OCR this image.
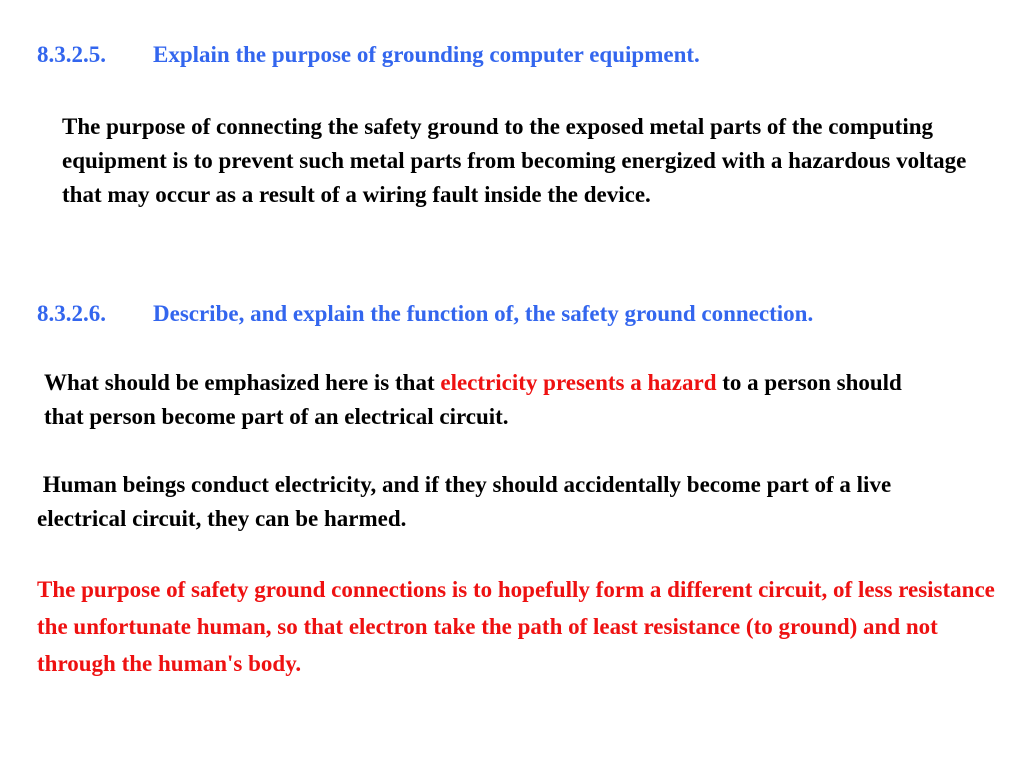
8.3.2.5. Explain the purpose of grounding computer equipment.
The purpose of connecting the safety ground to the exposed metal parts of the computing equipment is to prevent such metal parts from becoming energized with a hazardous voltage that may occur as a result of a wiring fault inside the device.
8.3.2.6. Describe, and explain the function of, the safety ground connection.
What should be emphasized here is that electricity presents a hazard to a person should that person become part of an electrical circuit.
Human beings conduct electricity, and if they should accidentally become part of a live electrical circuit, they can be harmed.
The purpose of safety ground connections is to hopefully form a different circuit, of less resistance the unfortunate human, so that electron take the path of least resistance (to ground) and not through the human's body.
